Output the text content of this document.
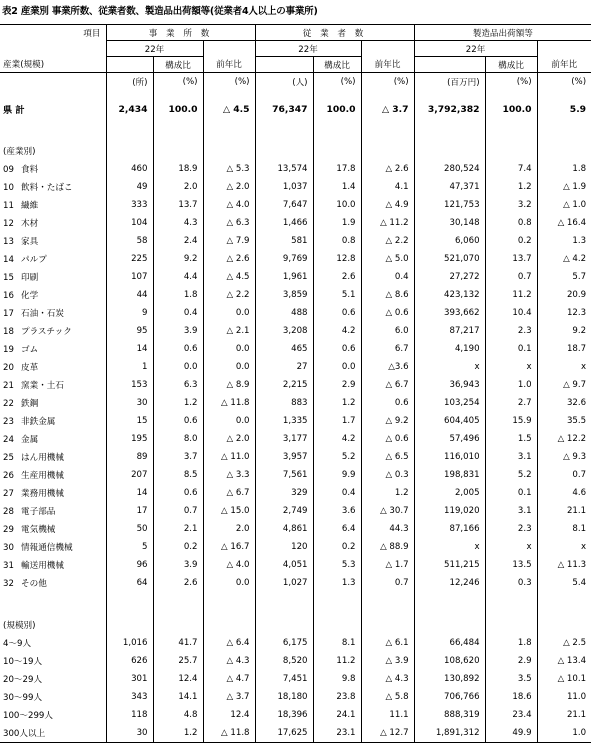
表2 産業別 事業所数、従業者数、製造品出荷額等(従業者4人以上の事業所)
項目	事 業 所 数			従 業 者 数			製造品出荷額等		
	22年			22年			22年		
産業(規模)		構成比	前年比		構成比	前年比		構成比	前年比
	(所)	(%)	(%)	(人)	(%)	(%)	(百万円)	(%)	(%)

県 計	2,434	100.0	△ 4.5	76,347	100.0	△ 3.7	3,792,382	100.0	5.9

(産業別)									
09 食料	460	18.9	△ 5.3	13,574	17.8	△ 2.6	280,524	7.4	1.8
10 飲料・たばこ	49	2.0	△ 2.0	1,037	1.4	4.1	47,371	1.2	△ 1.9
11 繊維	333	13.7	△ 4.0	7,647	10.0	△ 4.9	121,753	3.2	△ 1.0
12 木材	104	4.3	△ 6.3	1,466	1.9	△ 11.2	30,148	0.8	△ 16.4
13 家具	58	2.4	△ 7.9	581	0.8	△ 2.2	6,060	0.2	1.3
14 パルプ	225	9.2	△ 2.6	9,769	12.8	△ 5.0	521,070	13.7	△ 4.2
15 印刷	107	4.4	△ 4.5	1,961	2.6	0.4	27,272	0.7	5.7
16 化学	44	1.8	△ 2.2	3,859	5.1	△ 8.6	423,132	11.2	20.9
17 石油・石炭	9	0.4	0.0	488	0.6	△ 0.6	393,662	10.4	12.3
18 プラスチック	95	3.9	△ 2.1	3,208	4.2	6.0	87,217	2.3	9.2
19 ゴム	14	0.6	0.0	465	0.6	6.7	4,190	0.1	18.7
20 皮革	1	0.0	0.0	27	0.0	△3.6	x	x	x
21 窯業・土石	153	6.3	△ 8.9	2,215	2.9	△ 6.7	36,943	1.0	△ 9.7
22 鉄鋼	30	1.2	△ 11.8	883	1.2	0.6	103,254	2.7	32.6
23 非鉄金属	15	0.6	0.0	1,335	1.7	△ 9.2	604,405	15.9	35.5
24 金属	195	8.0	△ 2.0	3,177	4.2	△ 0.6	57,496	1.5	△ 12.2
25 はん用機械	89	3.7	△ 11.0	3,957	5.2	△ 6.5	116,010	3.1	△ 9.3
26 生産用機械	207	8.5	△ 3.3	7,561	9.9	△ 0.3	198,831	5.2	0.7
27 業務用機械	14	0.6	△ 6.7	329	0.4	1.2	2,005	0.1	4.6
28 電子部品	17	0.7	△ 15.0	2,749	3.6	△ 30.7	119,020	3.1	21.1
29 電気機械	50	2.1	2.0	4,861	6.4	44.3	87,166	2.3	8.1
30 情報通信機械	5	0.2	△ 16.7	120	0.2	△ 88.9	x	x	x
31 輸送用機械	96	3.9	△ 4.0	4,051	5.3	△ 1.7	511,215	13.5	△ 11.3
32 その他	64	2.6	0.0	1,027	1.3	0.7	12,246	0.3	5.4

(規模別)									
4〜9人	1,016	41.7	△ 6.4	6,175	8.1	△ 6.1	66,484	1.8	△ 2.5
10〜19人	626	25.7	△ 4.3	8,520	11.2	△ 3.9	108,620	2.9	△ 13.4
20〜29人	301	12.4	△ 4.7	7,451	9.8	△ 4.3	130,892	3.5	△ 10.1
30〜99人	343	14.1	△ 3.7	18,180	23.8	△ 5.8	706,766	18.6	11.0
100〜299人	118	4.8	12.4	18,396	24.1	11.1	888,319	23.4	21.1
300人以上	30	1.2	△ 11.8	17,625	23.1	△ 12.7	1,891,312	49.9	1.0
